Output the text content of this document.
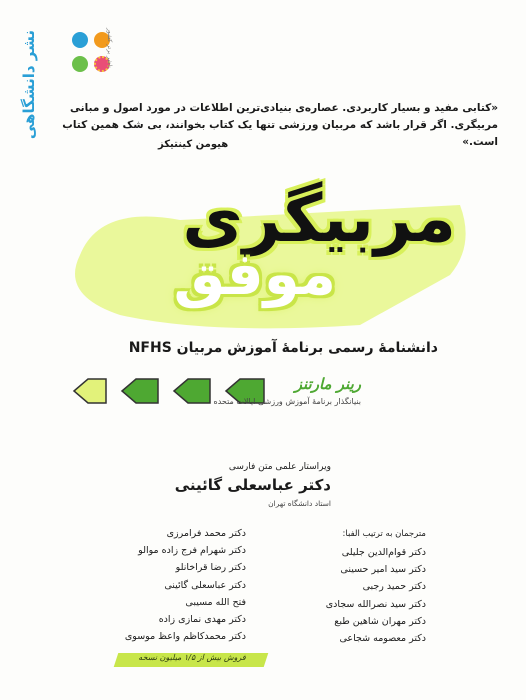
نشر دانشگاهی	ناشر برتر کشور
«کتابی مفید و بسیار کاربردی. عصاره‌ی بنیادی‌ترین اطلاعات در مورد اصول و مبانی مربیگری. اگر قرار باشد که مربیان ورزشی تنها یک کتاب بخوانند، بی شک همین کتاب است.»
هیومن کینتیکز
مربیگری
موفق
دانشنامهٔ رسمی برنامهٔ آموزش مربیان NFHS
رینر مارتنز
بنیانگذار برنامهٔ آموزش ورزشی ایالات متحده
ویراستار علمی متن فارسی
دکتر عباسعلی گائینی
استاد دانشگاه تهران
مترجمان به ترتیب الفبا:
دکتر قوام‌الدین جلیلی
دکتر سید امیر حسینی
دکتر حمید رجبی
دکتر سید نصرالله سجادی
دکتر مهران شاهین طبع
دکتر معصومه شجاعی
دکتر محمد فرامرزی
دکتر شهرام فرج زاده موالو
دکتر رضا قراخانلو
دکتر عباسعلی گائینی
فتح الله مسیبی
دکتر مهدی نمازی زاده
دکتر محمدکاظم واعظ موسوی
فروش بیش از ۱/۵ میلیون نسخه
